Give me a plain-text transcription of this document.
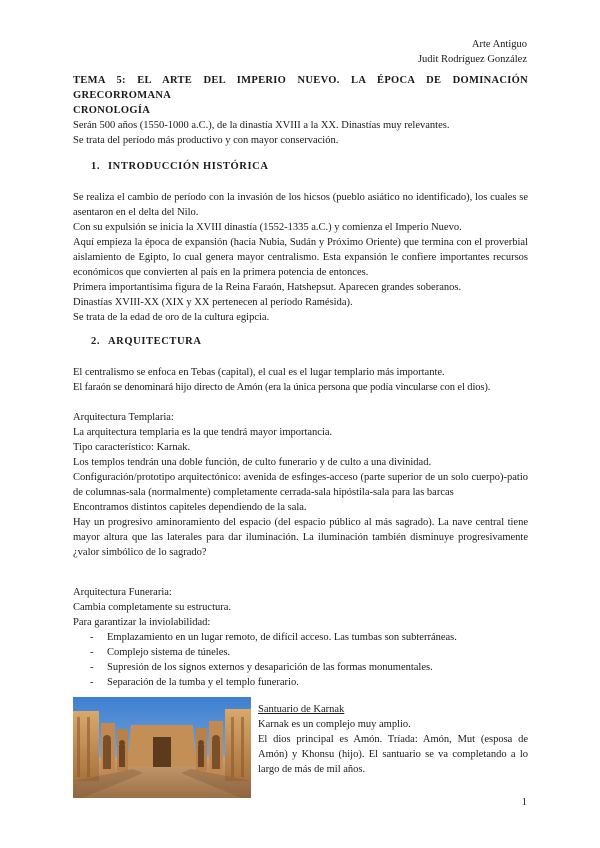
Arte Antiguo
Judit Rodríguez González
TEMA 5: EL ARTE DEL IMPERIO NUEVO. LA ÉPOCA DE DOMINACIÓN
GRECORROMANA
CRONOLOGÍA

Serán 500 años (1550-1000 a.C.), de la dinastía XVIII a la XX. Dinastías muy relevantes.

Se trata del período más productivo y con mayor conservación.

1. INTRODUCCIÓN HISTÓRICA

Se realiza el cambio de período con la invasión de los hicsos (pueblo asiático no identificado), los cuales se asentaron en el delta del Nilo.

Con su expulsión se inicia la XVIII dinastía (1552-1335 a.C.) y comienza el Imperio Nuevo.

Aquí empieza la época de expansión (hacia Nubia, Sudán y Próximo Oriente) que termina con el proverbial aislamiento de Egipto, lo cual genera mayor centralismo. Esta expansión le confiere importantes recursos económicos que convierten al país en la primera potencia de entonces.

Primera importantísima figura de la Reina Faraón, Hatshepsut. Aparecen grandes soberanos.

Dinastías XVIII-XX (XIX y XX pertenecen al período Ramésida).

Se trata de la edad de oro de la cultura egipcia.

2. ARQUITECTURA

El centralismo se enfoca en Tebas (capital), el cual es el lugar templario más importante.

El faraón se denominará hijo directo de Amón (era la única persona que podía vincularse con el dios).

Arquitectura Templaria:

La arquitectura templaria es la que tendrá mayor importancia.

Tipo característico: Karnak.

Los templos tendrán una doble función, de culto funerario y de culto a una divinidad.

Configuración/prototipo arquitectónico: avenida de esfinges-acceso (parte superior de un solo cuerpo)-patio de columnas-sala (normalmente) completamente cerrada-sala hipóstila-sala para las barcas

Encontramos distintos capiteles dependiendo de la sala.

Hay un progresivo aminoramiento del espacio (del espacio público al más sagrado). La nave central tiene mayor altura que las laterales para dar iluminación. La iluminación también disminuye progresivamente ¿valor simbólico de lo sagrado?

Arquitectura Funeraria:

Cambia completamente su estructura.

Para garantizar la inviolabilidad:

- Emplazamiento en un lugar remoto, de difícil acceso. Las tumbas son subterráneas.
- Complejo sistema de túneles.
- Supresión de los signos externos y desaparición de las formas monumentales.
- Separación de la tumba y el templo funerario.

Santuario de Karnak

Karnak es un complejo muy amplio.

El dios principal es Amón. Tríada: Amón, Mut (esposa de Amón) y Khonsu (hijo). El santuario se va completando a lo largo de más de mil años.

1
